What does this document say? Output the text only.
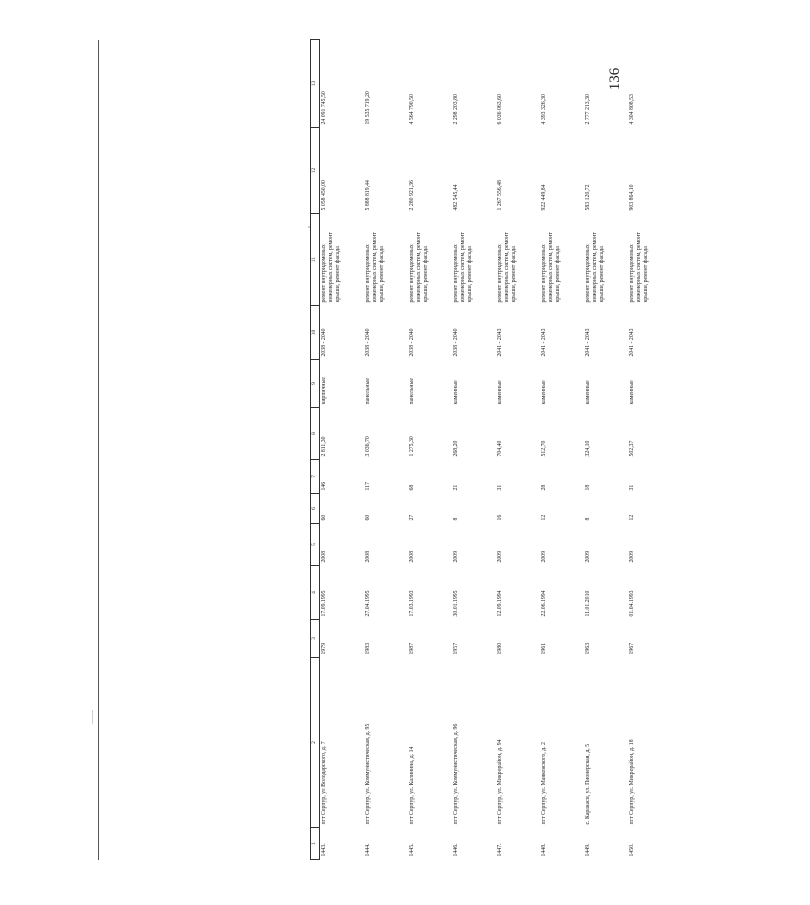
136
1	2	3	4	5	6	7	8	9	10	11	12	13
1443.	пгт Серпур, ул Володарского, д. 7	1979	17.09.1995	2008	60	146	2 811,30	кирпичные	2038 - 2040	ремонт внутридомовых инженерных систем, ремонт крыши, ремонт фасада	5 058 450,00	24 091 745,50
1444.	пгт Серпур, ул. Коммунистическая, д. 95	1983	27.04.1995	2008	60	117	3 036,70	панельные	2038 - 2040	ремонт внутридомовых инженерных систем, ремонт крыши, ремонт фасада	5 888 819,44	19 535 719,20
1445.	пгт Серпур, ул. Калинина, д. 14	1987	17.03.1993	2008	27	68	1 275,30	панельные	2038 - 2040	ремонт внутридомовых инженерных систем, ремонт крыши, ремонт фасада	2 280 921,36	4 564 790,50
1446.	пгт Серпур, ул. Коммунистическая, д. 96	1957	30.01.1995	2009	8	21	268,20	каменные	2038 - 2040	ремонт внутридомовых инженерных систем, ремонт крыши, ремонт фасада	482 545,44	2 298 203,80
1447.	пгт Серпур, ул. Микрорайон, д. 94	1980	12.09.1994	2009	16	31	704,40	каменные	2041 - 2043	ремонт внутридомовых инженерных систем, ремонт крыши, ремонт фасада	1 267 556,48	6 036 063,60
1448.	пгт Серпур, ул. Маяковского, д. 2	1961	22.06.1994	2009	12	28	512,70	каменные	2041 - 2043	ремонт внутридомовых инженерных систем, ремонт крыши, ремонт фасада	922 449,84	4 393 326,30
1449.	с. Каракаси, ул. Пионерская, д. 5	1963	11.01.2010	2009	8	18	324,10	каменные	2041 - 2043	ремонт внутридомовых инженерных систем, ремонт крыши, ремонт фасада	583 120,72	2 777 213,30
1450.	пгт Серпур, ул. Микрорайон, д. 18	1967	01.04.1993	2009	12	31	502,37	каменные	2041 - 2043	ремонт внутридомовых инженерных систем, ремонт крыши, ремонт фасада	903 864,10	4 304 808,53
